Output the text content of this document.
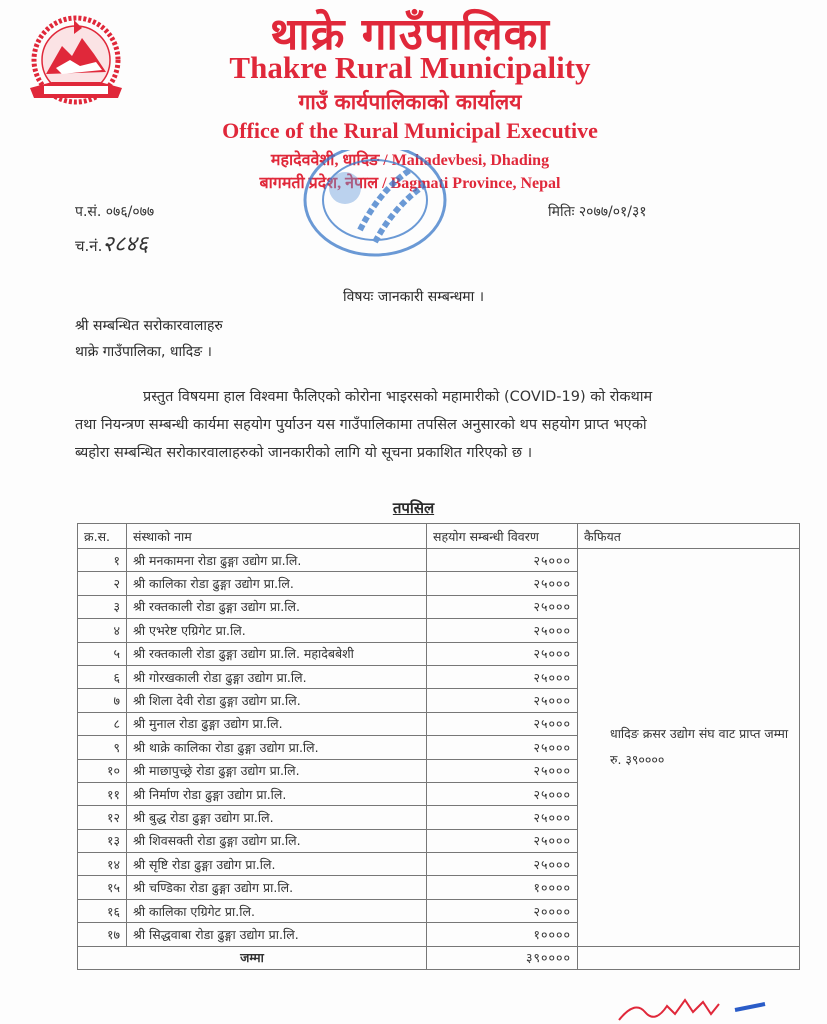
थाक्रे गाउँपालिका
Thakre Rural Municipality
गाउँ कार्यपालिकाको कार्यालय
Office of the Rural Municipal Executive
महादेववेशी, धादिङ / Mahadevbesi, Dhading
बागमती प्रदेश, नेपाल / Bagmati Province, Nepal
प.सं. ०७६/०७७
च.नं.२८४६
मितिः २०७७/०१/३१
विषयः जानकारी सम्बन्धमा ।
श्री सम्बन्धित सरोकारवालाहरु
थाक्रे गाउँपालिका, धादिङ ।
प्रस्तुत विषयमा हाल विश्वमा फैलिएको कोरोना भाइरसको महामारीको (COVID-19) को रोकथाम
तथा नियन्त्रण सम्बन्धी कार्यमा सहयोग पुर्याउन यस गाउँपालिकामा तपसिल अनुसारको थप सहयोग प्राप्त भएको
ब्यहोरा सम्बन्धित सरोकारवालाहरुको जानकारीको लागि यो सूचना प्रकाशित गरिएको छ ।
तपसिल
क्र.स.	संस्थाको नाम	सहयोग सम्बन्धी विवरण	कैफियत
१	श्री मनकामना रोडा ढुङ्गा उद्योग प्रा.लि.	२५०००	धादिङ क्रसर उद्योग संघ वाट प्राप्त जम्मा रु. ३९००००
२	श्री कालिका रोडा ढुङ्गा उद्योग प्रा.लि.	२५०००	
३	श्री रक्तकाली रोडा ढुङ्गा उद्योग प्रा.लि.	२५०००	
४	श्री एभरेष्ट एग्रिगेट प्रा.लि.	२५०००	
५	श्री रक्तकाली रोडा ढुङ्गा उद्योग प्रा.लि. महादेबबेशी	२५०००	
६	श्री गोरखकाली रोडा ढुङ्गा उद्योग प्रा.लि.	२५०००	
७	श्री शिला देवी रोडा ढुङ्गा उद्योग प्रा.लि.	२५०००	
८	श्री मुनाल रोडा ढुङ्गा उद्योग प्रा.लि.	२५०००	
९	श्री थाक्रे कालिका रोडा ढुङ्गा उद्योग प्रा.लि.	२५०००	
१०	श्री माछापुच्छ्रे रोडा ढुङ्गा उद्योग प्रा.लि.	२५०००	
११	श्री निर्माण रोडा ढुङ्गा उद्योग प्रा.लि.	२५०००	
१२	श्री बुद्ध रोडा ढुङ्गा उद्योग प्रा.लि.	२५०००	
१३	श्री शिवसक्ती रोडा ढुङ्गा उद्योग प्रा.लि.	२५०००	
१४	श्री सृष्टि रोडा ढुङ्गा उद्योग प्रा.लि.	२५०००	
१५	श्री चण्डिका रोडा ढुङ्गा उद्योग प्रा.लि.	१००००	
१६	श्री कालिका एग्रिगेट प्रा.लि.	२००००	
१७	श्री सिद्धवाबा रोडा ढुङ्गा उद्योग प्रा.लि.	१००००	
जम्मा		३९००००	
